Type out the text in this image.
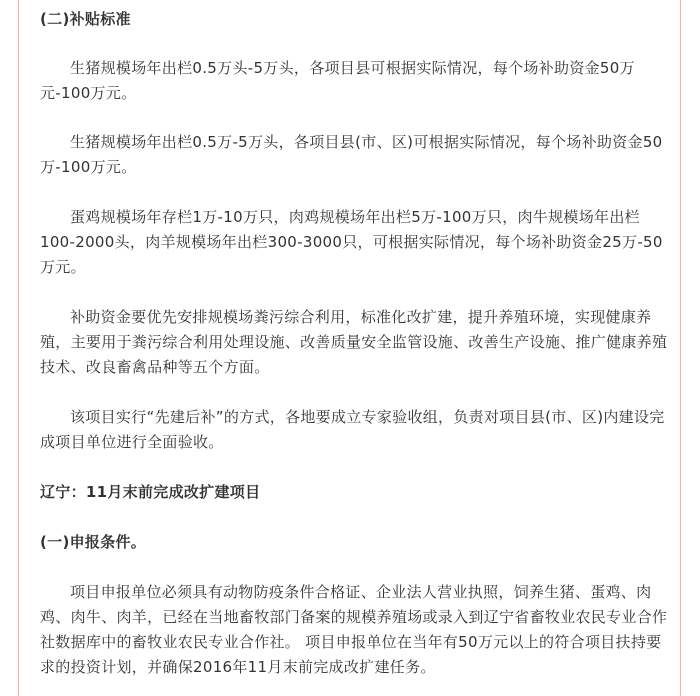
(二)补贴标准

生猪规模场年出栏0.5万头-5万头，各项目县可根据实际情况，每个场补助资金50万元-100万元。

生猪规模场年出栏0.5万-5万头，各项目县(市、区)可根据实际情况，每个场补助资金50万-100万元。

蛋鸡规模场年存栏1万-10万只，肉鸡规模场年出栏5万-100万只，肉牛规模场年出栏100-2000头，肉羊规模场年出栏300-3000只，可根据实际情况，每个场补助资金25万-50万元。

补助资金要优先安排规模场粪污综合利用，标准化改扩建，提升养殖环境，实现健康养殖，主要用于粪污综合利用处理设施、改善质量安全监管设施、改善生产设施、推广健康养殖技术、改良畜禽品种等五个方面。

该项目实行“先建后补”的方式，各地要成立专家验收组，负责对项目县(市、区)内建设完成项目单位进行全面验收。

辽宁：11月末前完成改扩建项目

(一)申报条件。

项目申报单位必须具有动物防疫条件合格证、企业法人营业执照，饲养生猪、蛋鸡、肉鸡、肉牛、肉羊，已经在当地畜牧部门备案的规模养殖场或录入到辽宁省畜牧业农民专业合作社数据库中的畜牧业农民专业合作社。 项目申报单位在当年有50万元以上的符合项目扶持要求的投资计划，并确保2016年11月末前完成改扩建任务。
